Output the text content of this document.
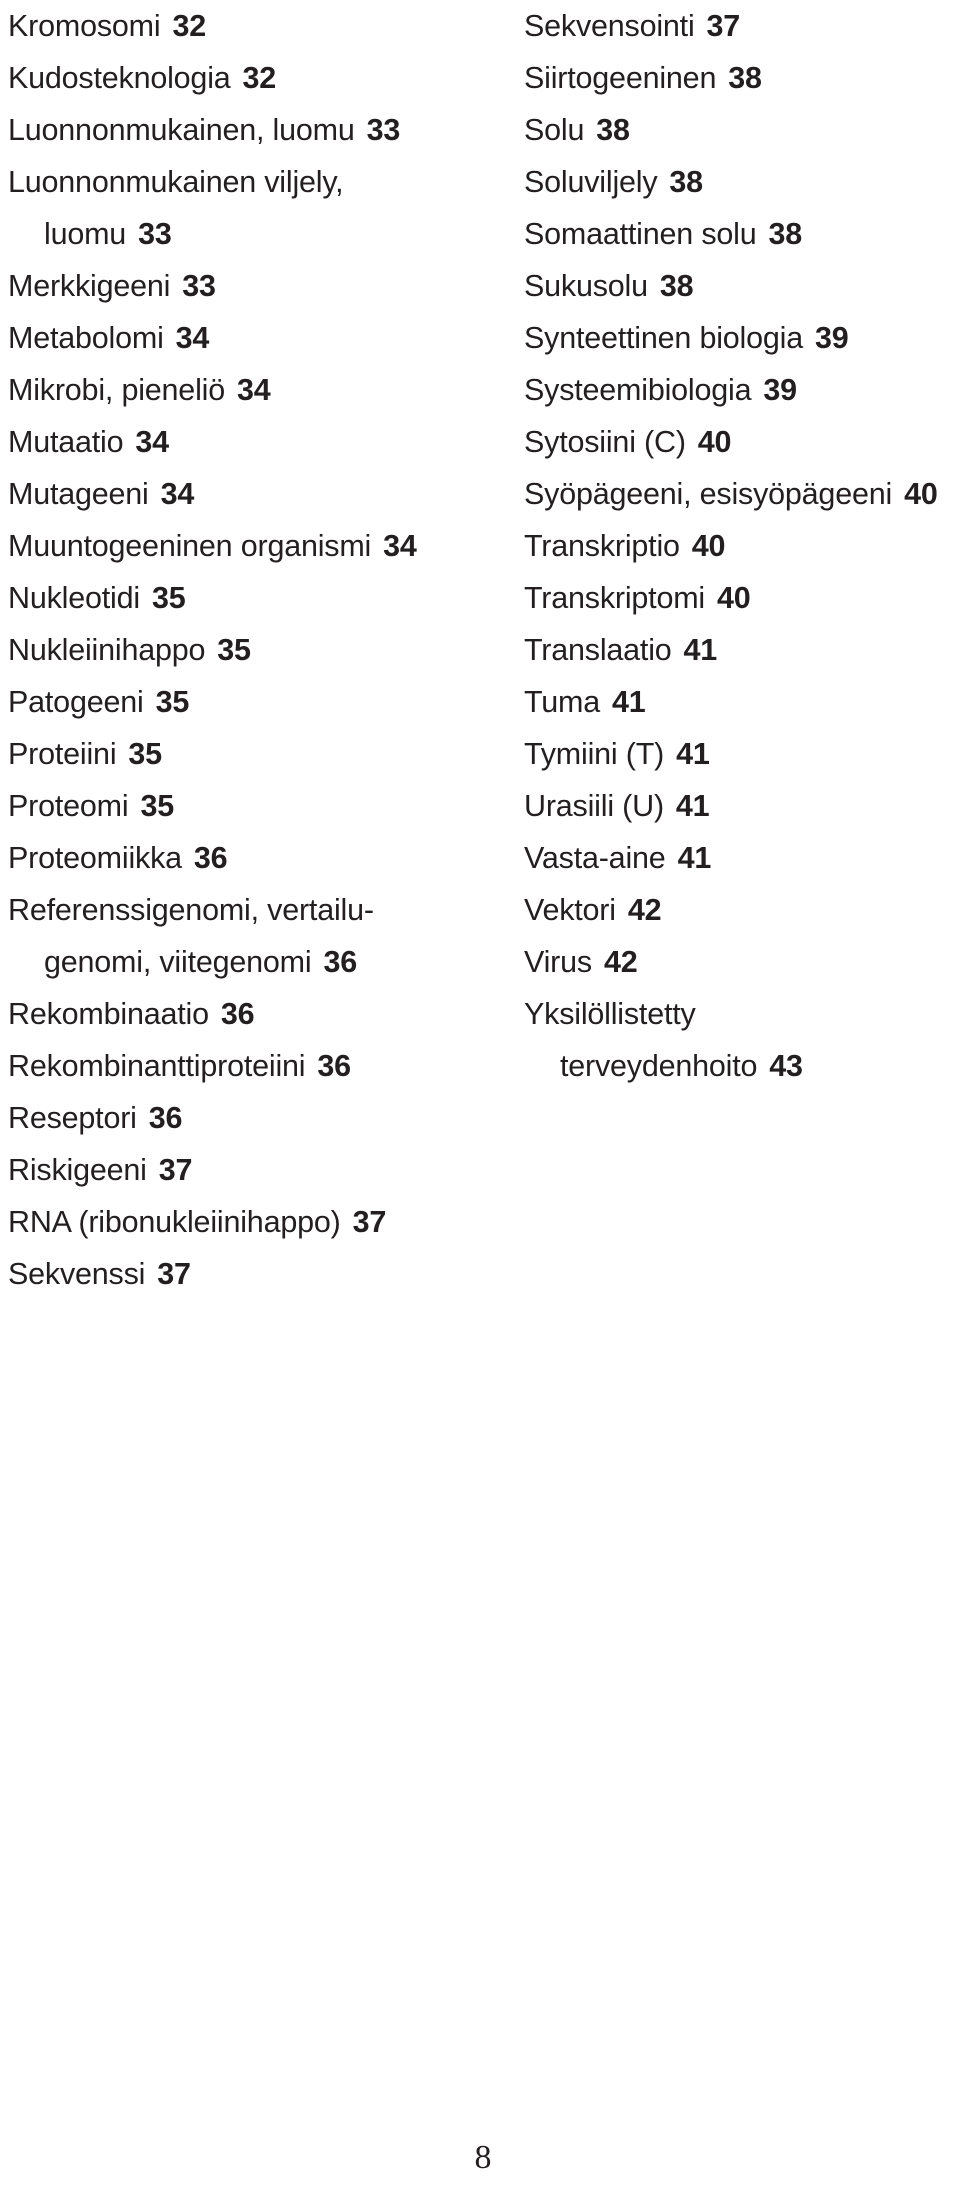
Kromosomi 32
Kudosteknologia 32
Luonnonmukainen, luomu 33
Luonnonmukainen viljely,
luomu 33
Merkkigeeni 33
Metabolomi 34
Mikrobi, pieneliö 34
Mutaatio 34
Mutageeni 34
Muuntogeeninen organismi 34
Nukleotidi 35
Nukleiinihappo 35
Patogeeni 35
Proteiini 35
Proteomi 35
Proteomiikka 36
Referenssigenomi, vertailu-
genomi, viitegenomi 36
Rekombinaatio 36
Rekombinanttiproteiini 36
Reseptori 36
Riskigeeni 37
RNA (ribonukleiinihappo) 37
Sekvenssi 37
Sekvensointi 37
Siirtogeeninen 38
Solu 38
Soluviljely 38
Somaattinen solu 38
Sukusolu 38
Synteettinen biologia 39
Systeemibiologia 39
Sytosiini (C) 40
Syöpägeeni, esisyöpägeeni 40
Transkriptio 40
Transkriptomi 40
Translaatio 41
Tuma 41
Tymiini (T) 41
Urasiili (U) 41
Vasta-aine 41
Vektori 42
Virus 42
Yksilöllistetty
terveydenhoito 43
8
